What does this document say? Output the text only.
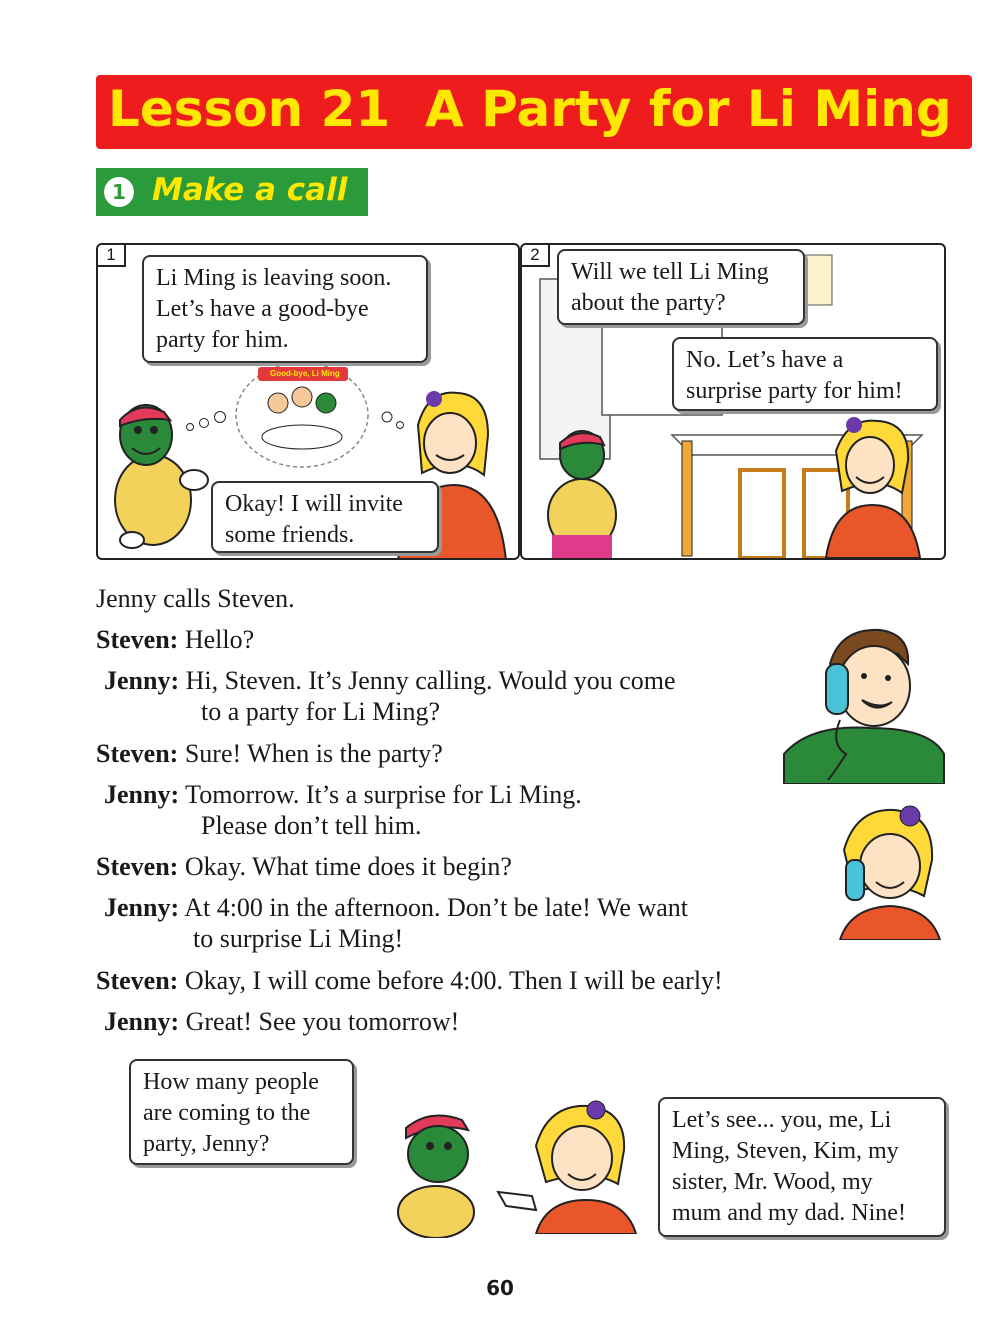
Lesson 21  A Party for Li Ming
1 Make a call
1
Good-bye, Li Ming
Li Ming is leaving soon.
Let’s have a good-bye
party for him.
Okay! I will invite
some friends.
2
Will we tell Li Ming
about the party?
No. Let’s have a
surprise party for him!
Jenny calls Steven.
Steven: Hello?
Jenny: Hi, Steven. It’s Jenny calling. Would you come
to a party for Li Ming?
Steven: Sure! When is the party?
Jenny: Tomorrow. It’s a surprise for Li Ming.
Please don’t tell him.
Steven: Okay. What time does it begin?
Jenny: At 4:00 in the afternoon. Don’t be late! We want
to surprise Li Ming!
Steven: Okay, I will come before 4:00. Then I will be early!
Jenny: Great! See you tomorrow!
How many people
are coming to the
party, Jenny?
Let’s see... you, me, Li
Ming, Steven, Kim, my
sister, Mr. Wood, my
mum and my dad. Nine!
60
